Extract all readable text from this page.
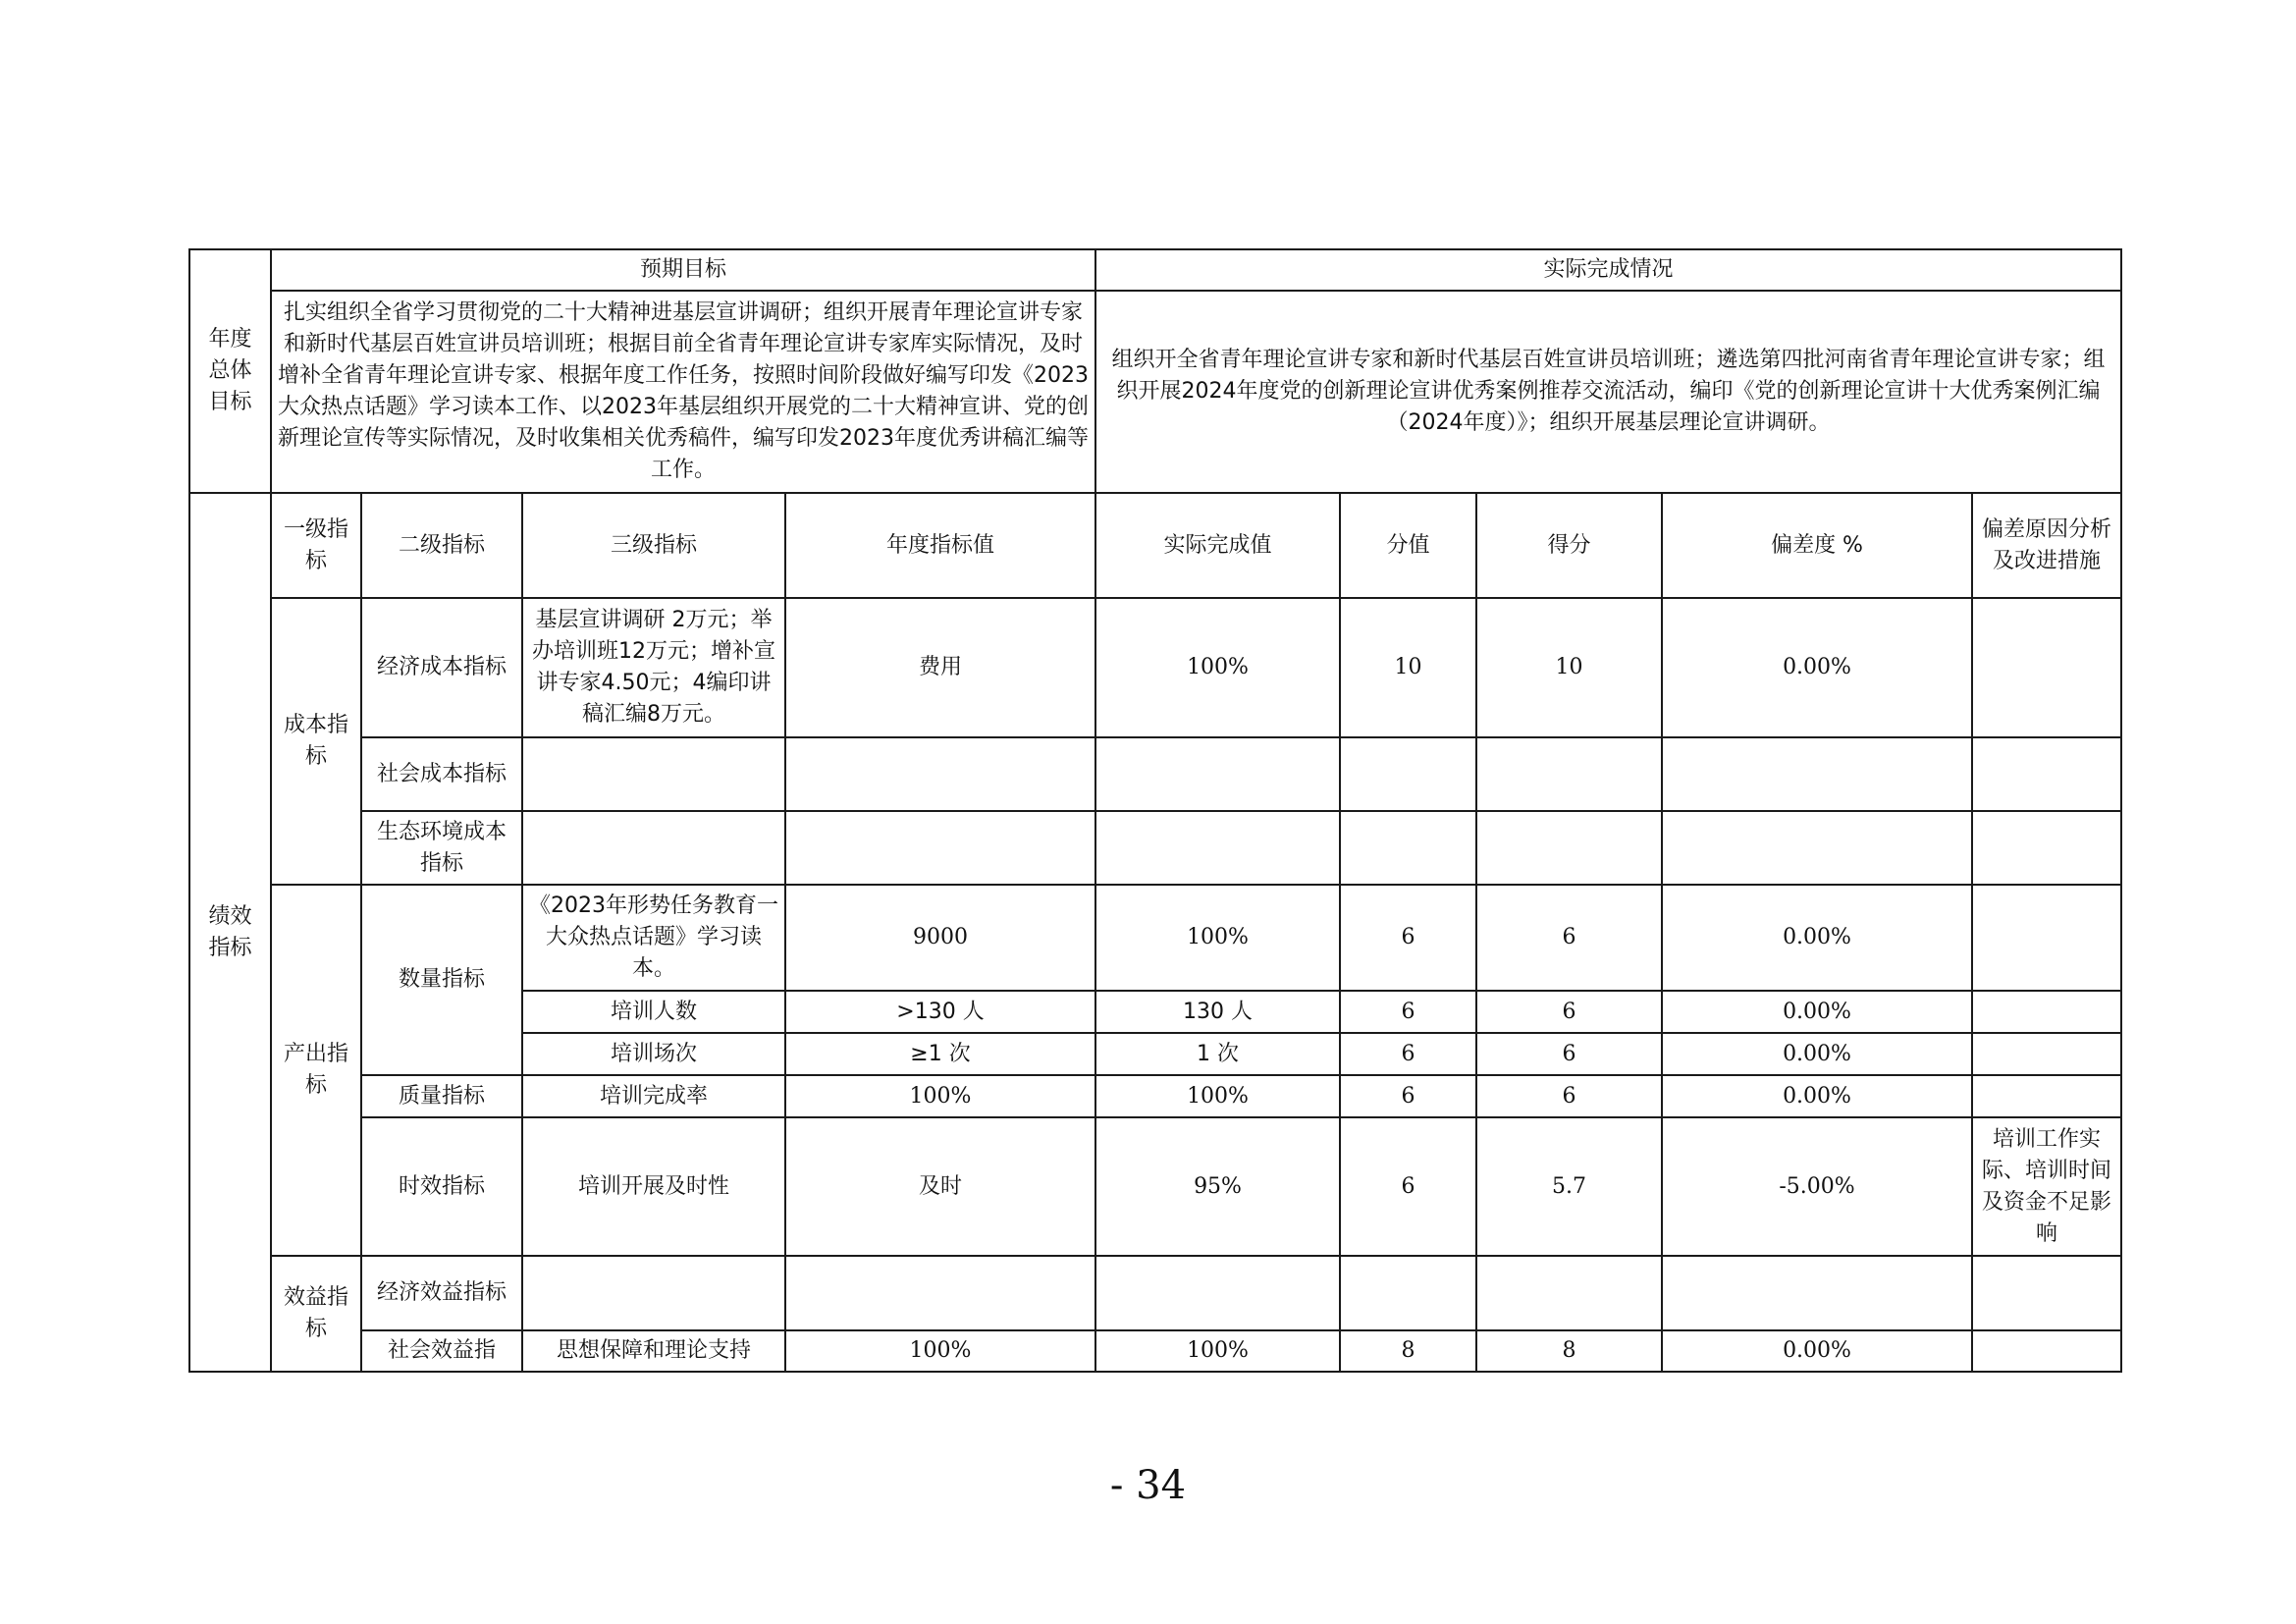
年度总体目标	预期目标				实际完成情况				
	扎实组织全省学习贯彻党的二十大精神进基层宣讲调研；组织开展青年理论宣讲专家和新时代基层百姓宣讲员培训班；根据目前全省青年理论宣讲专家库实际情况，及时增补全省青年理论宣讲专家、根据年度工作任务，按照时间阶段做好编写印发《2023大众热点话题》学习读本工作、以2023年基层组织开展党的二十大精神宣讲、党的创新理论宣传等实际情况，及时收集相关优秀稿件，编写印发2023年度优秀讲稿汇编等工作。				组织开全省青年理论宣讲专家和新时代基层百姓宣讲员培训班；遴选第四批河南省青年理论宣讲专家；组织开展2024年度党的创新理论宣讲优秀案例推荐交流活动，编印《党的创新理论宣讲十大优秀案例汇编（2024年度）》；组织开展基层理论宣讲调研。				
绩效指标	一级指标	二级指标	三级指标	年度指标值	实际完成值	分值	得分	偏差度 %	偏差原因分析及改进措施
	成本指标	经济成本指标	基层宣讲调研 2万元；举办培训班12万元；增补宣讲专家4.50元；4编印讲稿汇编8万元。	费用	100%	10	10	0.00%	
		社会成本指标							
		生态环境成本指标							
	产出指标	数量指标	《2023年形势任务教育一大众热点话题》学习读本。	9000	100%	6	6	0.00%	
			培训人数	>130 人	130 人	6	6	0.00%	
			培训场次	≥1 次	1 次	6	6	0.00%	
		质量指标	培训完成率	100%	100%	6	6	0.00%	
		时效指标	培训开展及时性	及时	95%	6	5.7	-5.00%	培训工作实际、培训时间及资金不足影响
	效益指标	经济效益指标							
		社会效益指	思想保障和理论支持	100%	100%	8	8	0.00%	
- 34
